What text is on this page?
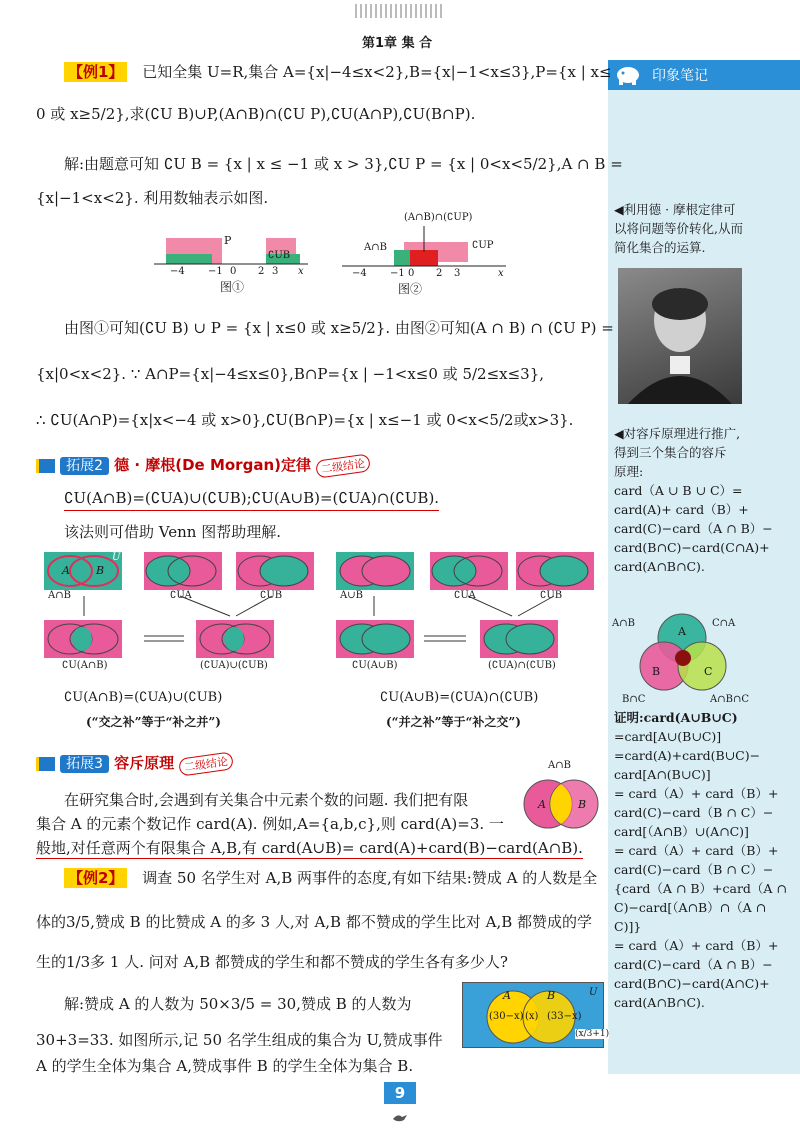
第1章 集 合
印象笔记
◀利用德 · 摩根定律可
以将问题等价转化,从而
简化集合的运算.
◀对容斥原理进行推广,
得到三个集合的容斥
原理:
card（A ∪ B ∪ C）=
card(A)+ card（B）+
card(C)−card（A ∩ B）−
card(B∩C)−card(C∩A)+
card(A∩B∩C).
A∩B	C∩A
A
B	C
B∩C	A∩B∩C
证明:card(A∪B∪C)
=card[A∪(B∪C)]
=card(A)+card(B∪C)−
card[A∩(B∪C)]
= card（A）+ card（B）+
card(C)−card（B ∩ C）−
card[（A∩B）∪(A∩C)]
= card（A）+ card（B）+
card(C)−card（B ∩ C）−
{card（A ∩ B）+card（A ∩
C)−card[（A∩B）∩（A ∩
C)]}
= card（A）+ card（B）+
card(C)−card（A ∩ B）−
card(B∩C)−card(A∩C)+
card(A∩B∩C).
【例1】 已知全集 U=R,集合 A={x|−4≤x<2},B={x|−1<x≤3},P={x | x≤
0 或 x≥5/2},求(∁U B)∪P,(A∩B)∩(∁U P),∁U(A∩P),∁U(B∩P).
解:由题意可知 ∁U B = {x | x ≤ −1 或 x > 3},∁U P = {x | 0<x<5/2},A ∩ B =
{x|−1<x<2}. 利用数轴表示如图.
P
∁UB
−4 −1 0 2 3 x
图①
(A∩B)∩(∁UP)
A∩B	∁UP
−4 −1 0 2 3	x
图②
由图①可知(∁U B) ∪ P = {x | x≤0 或 x≥5/2}. 由图②可知(A ∩ B) ∩ (∁U P) =
{x|0<x<2}. ∵ A∩P={x|−4≤x≤0},B∩P={x | −1<x≤0 或 5/2≤x≤3},
∴ ∁U(A∩P)={x|x<−4 或 x>0},∁U(B∩P)={x | x≤−1 或 0<x<5/2或x>3}.
拓展2 德 · 摩根(De Morgan)定律 二级结论
∁U(A∩B)=(∁UA)∪(∁UB);∁U(A∪B)=(∁UA)∩(∁UB).
该法则可借助 Venn 图帮助理解.
A∩B	∁UA	∁UB
∁U(A∩B)	(∁UA)∪(∁UB)
A∪B	∁UA	∁UB
∁U(A∪B)	(∁UA)∩(∁UB)
A B
U
∁U(A∩B)=(∁UA)∪(∁UB)	∁U(A∪B)=(∁UA)∩(∁UB)
(“交之补”等于“补之并”)	(“并之补”等于“补之交”)
拓展3 容斥原理 二级结论
在研究集合时,会遇到有关集合中元素个数的问题. 我们把有限
集合 A 的元素个数记作 card(A). 例如,A={a,b,c},则 card(A)=3. 一
般地,对任意两个有限集合 A,B,有 card(A∪B)= card(A)+card(B)−card(A∩B).
A∩B
A	B
【例2】 调查 50 名学生对 A,B 两事件的态度,有如下结果:赞成 A 的人数是全
体的3/5,赞成 B 的比赞成 A 的多 3 人,对 A,B 都不赞成的学生比对 A,B 都赞成的学
生的1/3多 1 人. 问对 A,B 都赞成的学生和都不赞成的学生各有多少人?
解:赞成 A 的人数为 50×3/5 = 30,赞成 B 的人数为
30+3=33. 如图所示,记 50 名学生组成的集合为 U,赞成事件
A 的学生全体为集合 A,赞成事件 B 的学生全体为集合 B.
A	B	U
(30−x) (x) (33−x)
(x/3+1)
9
